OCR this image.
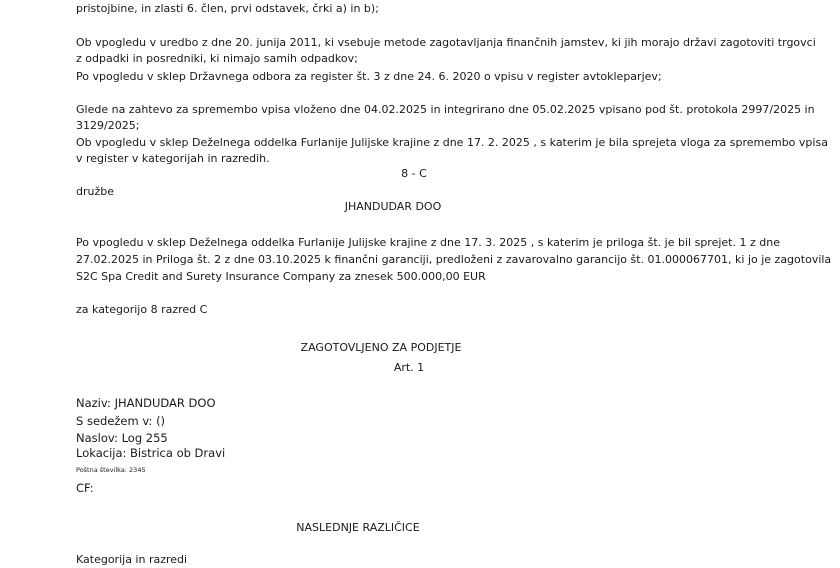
pristojbine, in zlasti 6. člen, prvi odstavek, črki a) in b);
Ob vpogledu v uredbo z dne 20. junija 2011, ki vsebuje metode zagotavljanja finančnih jamstev, ki jih morajo državi zagotoviti trgovci
z odpadki in posredniki, ki nimajo samih odpadkov;
Po vpogledu v sklep Državnega odbora za register št. 3 z dne 24. 6. 2020 o vpisu v register avtokleparjev;
Glede na zahtevo za spremembo vpisa vloženo dne 04.02.2025 in integrirano dne 05.02.2025 vpisano pod št. protokola 2997/2025 in
3129/2025;
Ob vpogledu v sklep Deželnega oddelka Furlanije Julijske krajine z dne 17. 2. 2025 , s katerim je bila sprejeta vloga za spremembo vpisa
v register v kategorijah in razredih.
8 - C
družbe
JHANDUDAR DOO
Po vpogledu v sklep Deželnega oddelka Furlanije Julijske krajine z dne 17. 3. 2025 , s katerim je priloga št. je bil sprejet. 1 z dne
27.02.2025 in Priloga št. 2 z dne 03.10.2025 k finančni garanciji, predloženi z zavarovalno garancijo št. 01.000067701, ki jo je zagotovila
S2C Spa Credit and Surety Insurance Company za znesek 500.000,00 EUR
za kategorijo 8 razred C
ZAGOTOVLJENO ZA PODJETJE
Art. 1
Naziv: JHANDUDAR DOO
S sedežem v: ()
Naslov: Log 255
Lokacija: Bistrica ob Dravi
Poštna številka: 2345
CF:
NASLEDNJE RAZLIČICE
Kategorija in razredi
